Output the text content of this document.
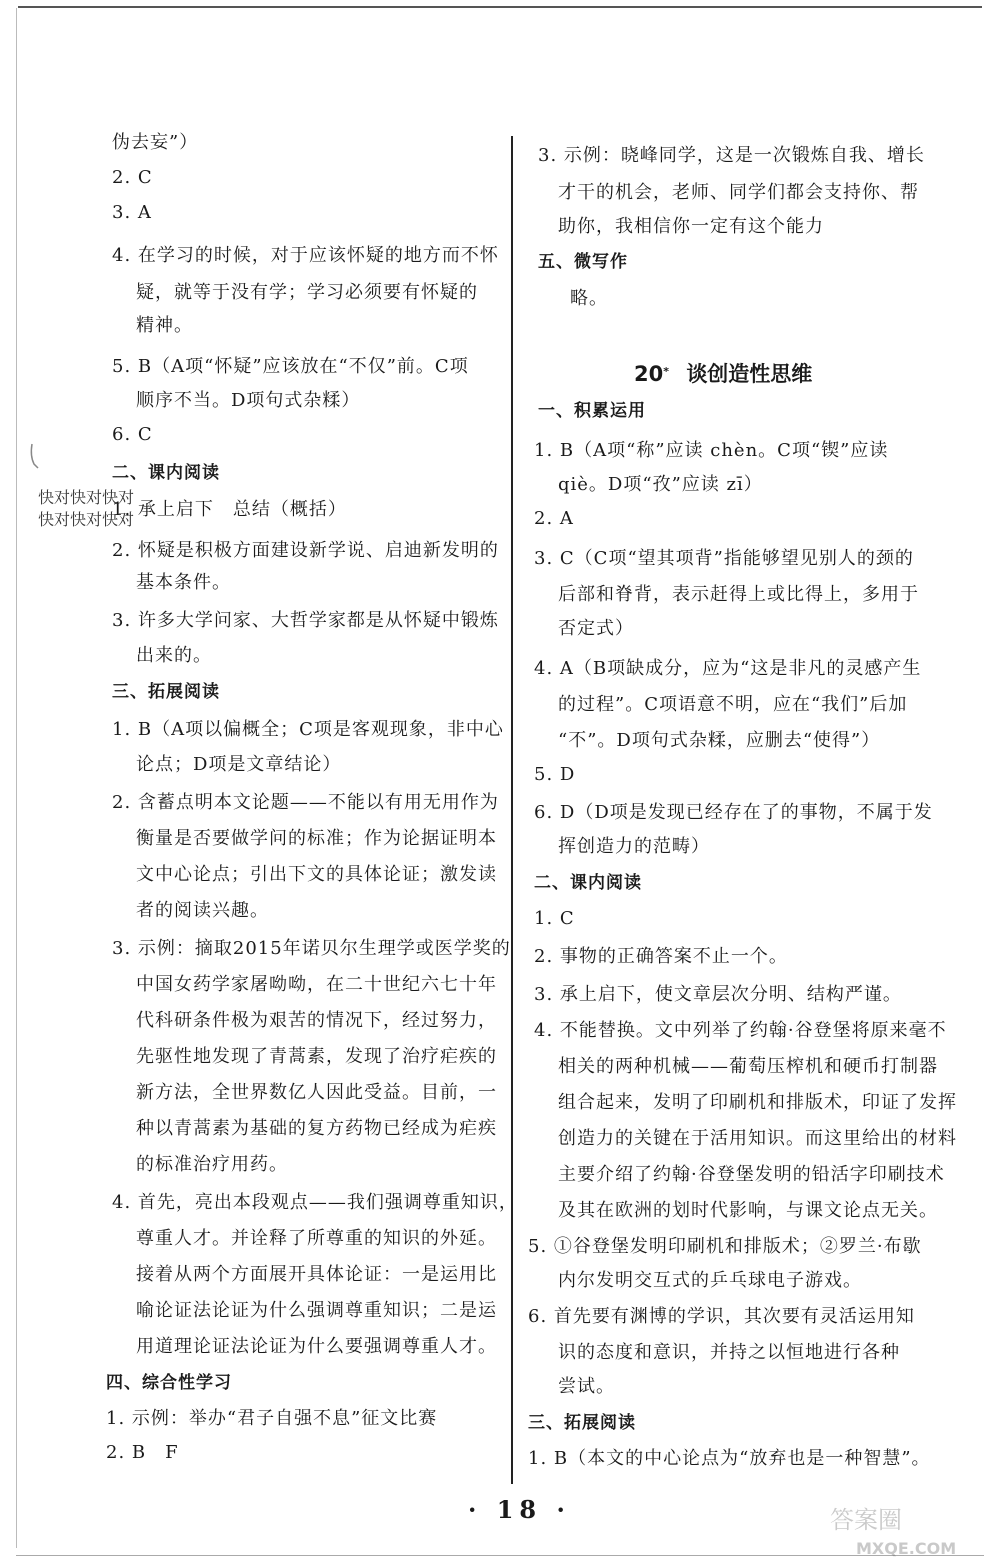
伪去妄”）
2. C
3. A
4. 在学习的时候，对于应该怀疑的地方而不怀
疑，就等于没有学；学习必须要有怀疑的
精神。
5. B（A项“怀疑”应该放在“不仅”前。C项
顺序不当。D项句式杂糅）
6. C
二、课内阅读
1. 承上启下　总结（概括）
2. 怀疑是积极方面建设新学说、启迪新发明的
基本条件。
3. 许多大学问家、大哲学家都是从怀疑中锻炼
出来的。
三、拓展阅读
1. B（A项以偏概全；C项是客观现象，非中心
论点；D项是文章结论）
2. 含蓄点明本文论题——不能以有用无用作为
衡量是否要做学问的标准；作为论据证明本
文中心论点；引出下文的具体论证；激发读
者的阅读兴趣。
3. 示例：摘取2015年诺贝尔生理学或医学奖的
中国女药学家屠呦呦，在二十世纪六七十年
代科研条件极为艰苦的情况下，经过努力，
先驱性地发现了青蒿素，发现了治疗疟疾的
新方法，全世界数亿人因此受益。目前，一
种以青蒿素为基础的复方药物已经成为疟疾
的标准治疗用药。
4. 首先，亮出本段观点——我们强调尊重知识，
尊重人才。并诠释了所尊重的知识的外延。
接着从两个方面展开具体论证：一是运用比
喻论证法论证为什么强调尊重知识；二是运
用道理论证法论证为什么要强调尊重人才。
四、综合性学习
1. 示例：举办“君子自强不息”征文比赛
2. B　F
快对快对快对
快对快对快对
3. 示例：晓峰同学，这是一次锻炼自我、增长
才干的机会，老师、同学们都会支持你、帮
助你，我相信你一定有这个能力
五、微写作
略。
20* 谈创造性思维
一、积累运用
1. B（A项“称”应读 chèn。C项“锲”应读
qiè。D项“孜”应读 zī）
2. A
3. C（C项“望其项背”指能够望见别人的颈的
后部和脊背，表示赶得上或比得上，多用于
否定式）
4. A（B项缺成分，应为“这是非凡的灵感产生
的过程”。C项语意不明，应在“我们”后加
“不”。D项句式杂糅，应删去“使得”）
5. D
6. D（D项是发现已经存在了的事物，不属于发
挥创造力的范畴）
二、课内阅读
1. C
2. 事物的正确答案不止一个。
3. 承上启下，使文章层次分明、结构严谨。
4. 不能替换。文中列举了约翰·谷登堡将原来毫不
相关的两种机械——葡萄压榨机和硬币打制器
组合起来，发明了印刷机和排版术，印证了发挥
创造力的关键在于活用知识。而这里给出的材料
主要介绍了约翰·谷登堡发明的铅活字印刷技术
及其在欧洲的划时代影响，与课文论点无关。
5. ①谷登堡发明印刷机和排版术；②罗兰·布歇
内尔发明交互式的乒乓球电子游戏。
6. 首先要有渊博的学识，其次要有灵活运用知
识的态度和意识，并持之以恒地进行各种
尝试。
三、拓展阅读
1. B（本文的中心论点为“放弃也是一种智慧”。
· 18 ·	答案圈
MXQE.COM
